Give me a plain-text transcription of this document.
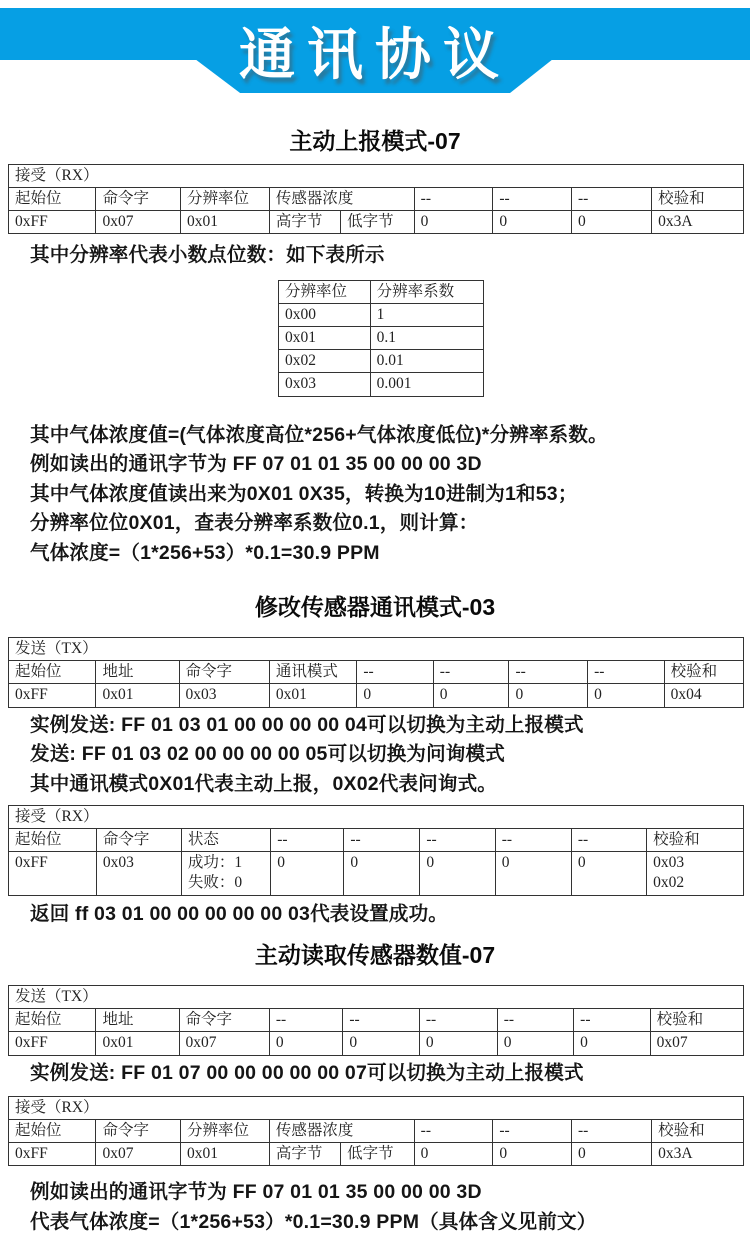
通讯协议
主动上报模式-07
接受（RX）								
起始位	命令字	分辨率位	传感器浓度		--	--	--	校验和
0xFF	0x07	0x01	高字节	低字节	0	0	0	0x3A

其中分辨率代表小数点位数：如下表所示

分辨率位	分辨率系数
0x00	1
0x01	0.1
0x02	0.01
0x03	0.001

其中气体浓度值=(气体浓度高位*256+气体浓度低位)*分辨率系数。

例如读出的通讯字节为 FF 07 01 01 35 00 00 00 3D

其中气体浓度值读出来为0X01 0X35，转换为10进制为1和53；

分辨率位位0X01，查表分辨率系数位0.1，则计算：

气体浓度=（1*256+53）*0.1=30.9 PPM

修改传感器通讯模式-03
发送（TX）								
起始位	地址	命令字	通讯模式	--	--	--	--	校验和
0xFF	0x01	0x03	0x01	0	0	0	0	0x04

实例发送: FF 01 03 01 00 00 00 00 04可以切换为主动上报模式

发送: FF 01 03 02 00 00 00 00 05可以切换为问询模式

其中通讯模式0X01代表主动上报，0X02代表问询式。

接受（RX）								
起始位	命令字	状态	--	--	--	--	--	校验和
0xFF	0x03	成功：1
失败：0
	0	0	0	0	0	0x03
0x02

返回 ff 03 01 00 00 00 00 00 03代表设置成功。

主动读取传感器数值-07
发送（TX）								
起始位	地址	命令字	--	--	--	--	--	校验和
0xFF	0x01	0x07	0	0	0	0	0	0x07

实例发送: FF 01 07 00 00 00 00 00 07可以切换为主动上报模式

接受（RX）								
起始位	命令字	分辨率位	传感器浓度		--	--	--	校验和
0xFF	0x07	0x01	高字节	低字节	0	0	0	0x3A

例如读出的通讯字节为 FF 07 01 01 35 00 00 00 3D

代表气体浓度=（1*256+53）*0.1=30.9 PPM（具体含义见前文）
